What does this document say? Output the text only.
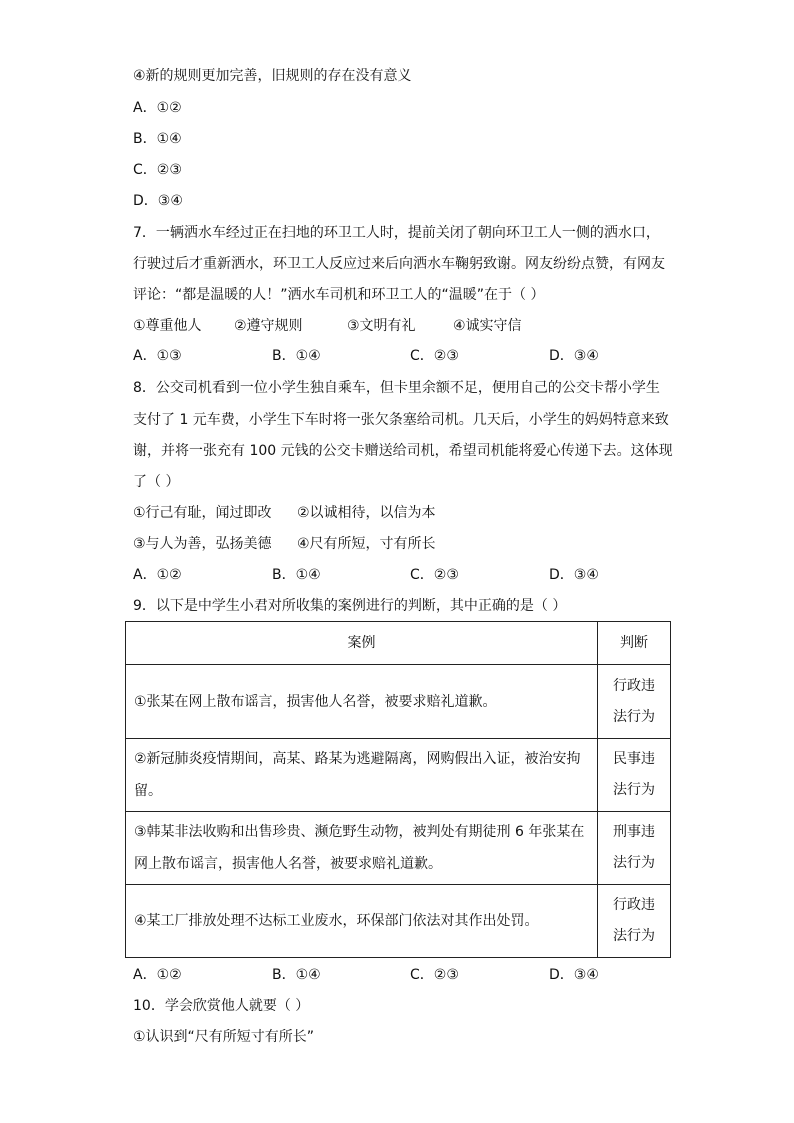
④新的规则更加完善，旧规则的存在没有意义
A．①②
B．①④
C．②③
D．③④
7．一辆洒水车经过正在扫地的环卫工人时，提前关闭了朝向环卫工人一侧的洒水口，
行驶过后才重新洒水，环卫工人反应过来后向洒水车鞠躬致谢。网友纷纷点赞，有网友
评论：“都是温暖的人！”洒水车司机和环卫工人的“温暖”在于（ ）
①尊重他人 ②遵守规则	③文明有礼	④诚实守信
A．①③	B．①④	C．②③	D．③④
8．公交司机看到一位小学生独自乘车，但卡里余额不足，便用自己的公交卡帮小学生
支付了 1 元车费，小学生下车时将一张欠条塞给司机。几天后，小学生的妈妈特意来致
谢，并将一张充有 100 元钱的公交卡赠送给司机，希望司机能将爱心传递下去。这体现
了（ ）
①行己有耻，闻过即改 ②以诚相待，以信为本
③与人为善，弘扬美德 ④尺有所短，寸有所长
A．①②	B．①④	C．②③	D．③④
9．以下是中学生小君对所收集的案例进行的判断，其中正确的是（ ）
案例	判断
①张某在网上散布谣言，损害他人名誉，被要求赔礼道歉。	行政违
法行为

②新冠肺炎疫情期间，高某、路某为逃避隔离，网购假出入证，被治安拘留。	民事违
法行为

③韩某非法收购和出售珍贵、濒危野生动物，被判处有期徒刑 6 年张某在网上散布谣言，损害他人名誉，被要求赔礼道歉。	刑事违
法行为

④某工厂排放处理不达标工业废水，环保部门依法对其作出处罚。	行政违
法行为
A．①②	B．①④	C．②③	D．③④
10．学会欣赏他人就要（ ）
①认识到“尺有所短寸有所长”
